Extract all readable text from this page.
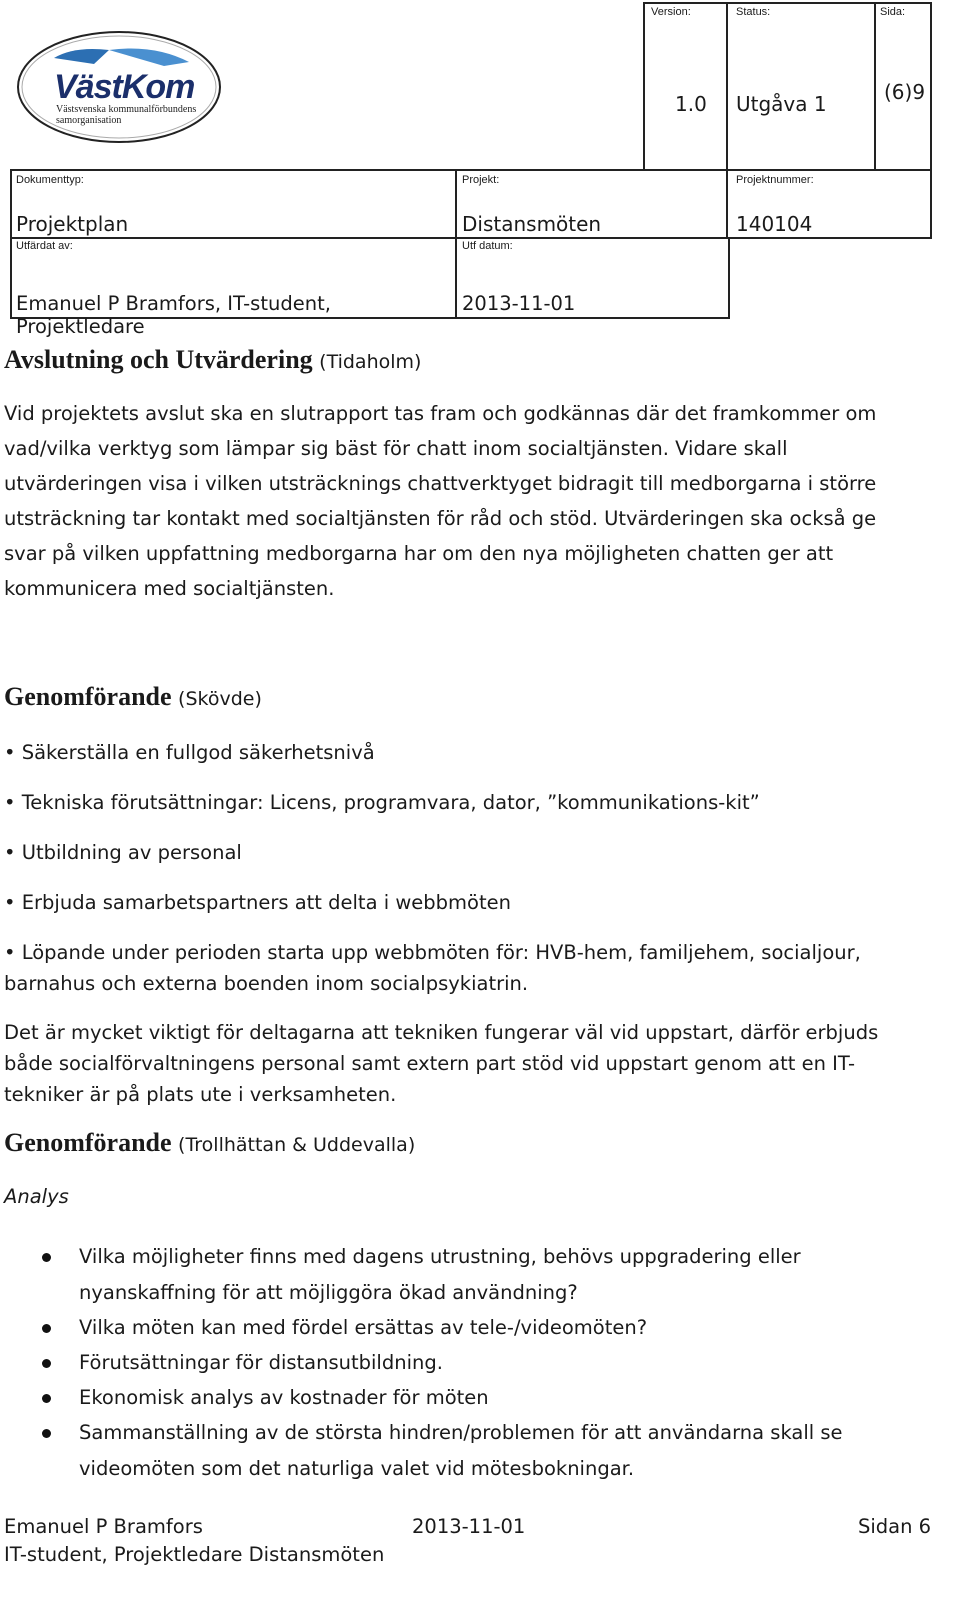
VästKom
Västsvenska kommunalförbundens
samorganisation
Version:
1.0
Status:
Utgåva 1
Sida:
(6)9
Dokumenttyp:
Projektplan
Projekt:
Distansmöten
Projektnummer:
140104
Utfärdat av:
Emanuel P Bramfors, IT-student, Projektledare
Utf datum:
2013-11-01
Avslutning och Utvärdering (Tidaholm)
Vid projektets avslut ska en slutrapport tas fram och godkännas där det framkommer om vad/vilka verktyg som lämpar sig bäst för chatt inom socialtjänsten. Vidare skall utvärderingen visa i vilken utsträcknings chattverktyget bidragit till medborgarna i större utsträckning tar kontakt med socialtjänsten för råd och stöd. Utvärderingen ska också ge svar på vilken uppfattning medborgarna har om den nya möjligheten chatten ger att kommunicera med socialtjänsten.
Genomförande (Skövde)
• Säkerställa en fullgod säkerhetsnivå
• Tekniska förutsättningar: Licens, programvara, dator, ”kommunikations-kit”
• Utbildning av personal
• Erbjuda samarbetspartners att delta i webbmöten
• Löpande under perioden starta upp webbmöten för: HVB-hem, familjehem, socialjour, barnahus och externa boenden inom socialpsykiatrin.
Det är mycket viktigt för deltagarna att tekniken fungerar väl vid uppstart, därför erbjuds både socialförvaltningens personal samt extern part stöd vid uppstart genom att en IT-tekniker är på plats ute i verksamheten.
Genomförande (Trollhättan & Uddevalla)
Analys
Vilka möjligheter finns med dagens utrustning, behövs uppgradering eller nyanskaffning för att möjliggöra ökad användning?
Vilka möten kan med fördel ersättas av tele-/videomöten?
Förutsättningar för distansutbildning.
Ekonomisk analys av kostnader för möten
Sammanställning av de största hindren/problemen för att användarna skall se videomöten som det naturliga valet vid mötesbokningar.
Emanuel P Bramfors	2013-11-01	Sidan 6
IT-student, Projektledare Distansmöten
